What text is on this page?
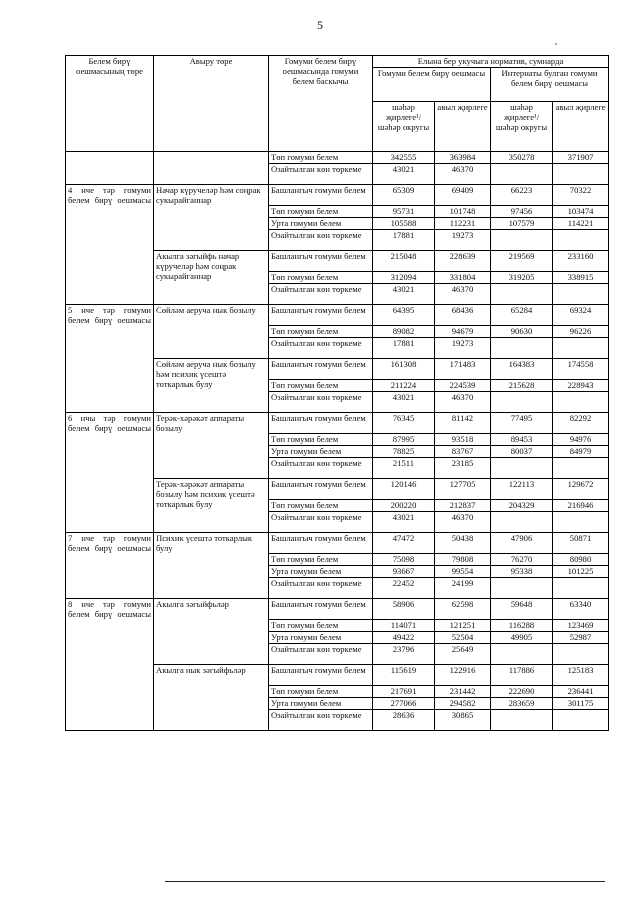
5
Белем бирү оешмасының төре	Авыру төре	Гомуми белем бирү оешмасында гомуми белем баскычы	Елына бер укучыга норматив, сумнарда			
			Гомуми белем бирү оешмасы		Интернаты булган гомуми белем бирү оешмасы	
			шәһәр җирлеге¹/ шәһәр округы	авыл җирлеге	шәһәр җирлеге¹/ шәһәр округы	авыл җирлеге
		Төп гомуми белем	342555	363984	350278	371907
		Озайтылган көн төркеме	43021	46370		
4 нче тәр гомуми белем бирү оешмасы	Начар күручеләр һәм соңрак сукырайганнар	Башлангыч гомуми белем	65309	69409	66223	70322
		Төп гомуми белем	95731	101748	97456	103474
		Урта гомуми белем	105588	112231	107579	114221
		Озайтылган көн төркеме	17881	19273		
	Акылга зәгыйфь начар күручеләр һәм соңрак сукырайганнар	Башлангыч гомуми белем	215048	228639	219569	233160
		Төп гомуми белем	312094	331804	319205	338915
		Озайтылган көн төркеме	43021	46370		
5 нче тәр гомуми белем бирү оешмасы	Сөйләм аеруча нык бозылу	Башлангыч гомуми белем	64395	68436	65284	69324
		Төп гомуми белем	89082	94679	90630	96226
		Озайтылган көн төркеме	17881	19273		
	Сөйләм аеруча нык бозылу һәм психик үсештә тоткарлык булу	Башлангыч гомуми белем	161308	171483	164383	174558
		Төп гомуми белем	211224	224539	215628	228943
		Озайтылган көн төркеме	43021	46370		
6 нчы тәр гомуми белем бирү оешмасы	Терәк-хәрәкәт аппараты бозылу	Башлангыч гомуми белем	76345	81142	77495	82292
		Төп гомуми белем	87995	93518	89453	94976
		Урта гомуми белем	78825	83767	80037	84979
		Озайтылган көн төркеме	21511	23185		
	Терәк-хәрәкәт аппараты бозылу һәм психик үсештә тоткарлык булу	Башлангыч гомуми белем	120146	127705	122113	129672
		Төп гомуми белем	200220	212837	204329	216946
		Озайтылган көн төркеме	43021	46370		
7 нче тәр гомуми белем бирү оешмасы	Психик үсештә тоткарлык булу	Башлангыч гомуми белем	47472	50438	47906	50871
		Төп гомуми белем	75098	79808	76270	80980
		Урта гомуми белем	93667	99554	95338	101225
		Озайтылган көн төркеме	22452	24199		
8 нче тәр гомуми белем бирү оешмасы	Акылга зәгыйфьләр	Башлангыч гомуми белем	58906	62598	59648	63340
		Төп гомуми белем	114071	121251	116288	123469
		Урта гомуми белем	49422	52504	49905	52987
		Озайтылган көн төркеме	23796	25649		
	Акылга нык зәгыйфьләр	Башлангыч гомуми белем	115619	122916	117886	125183
		Төп гомуми белем	217691	231442	222690	236441
		Урта гомуми белем	277066	294582	283659	301175
		Озайтылган көн төркеме	28636	30865		
